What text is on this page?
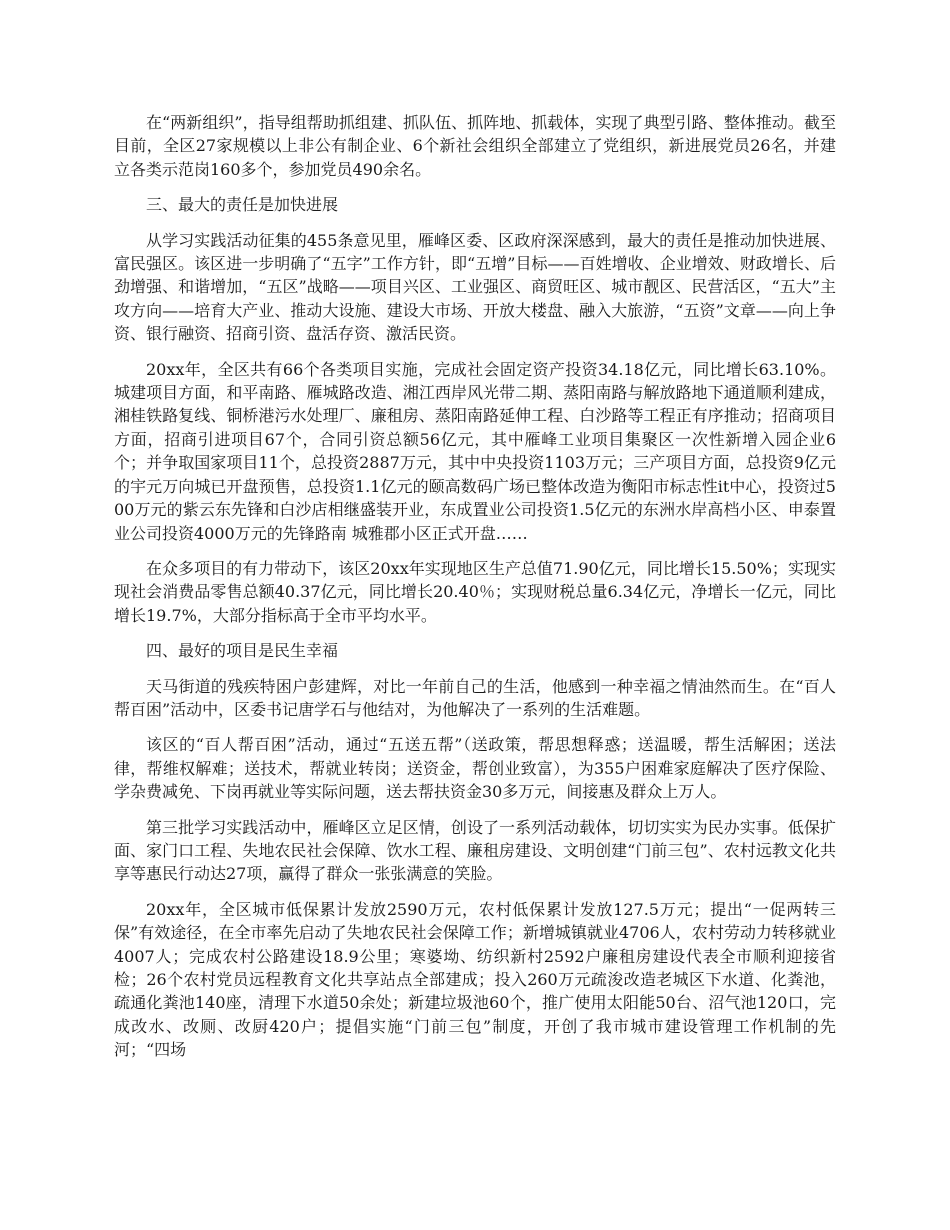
在“两新组织”，指导组帮助抓组建、抓队伍、抓阵地、抓载体，实现了典型引路、整体推动。截至目前，全区27家规模以上非公有制企业、6个新社会组织全部建立了党组织，新进展党员26名，并建立各类示范岗160多个，参加党员490余名。

三、最大的责任是加快进展

从学习实践活动征集的455条意见里，雁峰区委、区政府深深感到，最大的责任是推动加快进展、富民强区。该区进一步明确了“五字”工作方针，即“五增”目标——百姓增收、企业增效、财政增长、后劲增强、和谐增加，“五区”战略——项目兴区、工业强区、商贸旺区、城市靓区、民营活区，“五大”主攻方向——培育大产业、推动大设施、建设大市场、开放大楼盘、融入大旅游，“五资”文章——向上争资、银行融资、招商引资、盘活存资、激活民资。

20xx年，全区共有66个各类项目实施，完成社会固定资产投资34.18亿元，同比增长63.10%。城建项目方面，和平南路、雁城路改造、湘江西岸风光带二期、蒸阳南路与解放路地下通道顺利建成，湘桂铁路复线、铜桥港污水处理厂、廉租房、蒸阳南路延伸工程、白沙路等工程正有序推动；招商项目方面，招商引进项目67个，合同引资总额56亿元，其中雁峰工业项目集聚区一次性新增入园企业6个；并争取国家项目11个，总投资2887万元，其中中央投资1103万元；三产项目方面，总投资9亿元的宇元万向城已开盘预售，总投资1.1亿元的颐高数码广场已整体改造为衡阳市标志性it中心，投资过500万元的紫云东先锋和白沙店相继盛装开业，东成置业公司投资1.5亿元的东洲水岸高档小区、申泰置业公司投资4000万元的先锋路南 城雅郡小区正式开盘……

在众多项目的有力带动下，该区20xx年实现地区生产总值71.90亿元，同比增长15.50%；实现实现社会消费品零售总额40.37亿元，同比增长20.40％；实现财税总量6.34亿元，净增长一亿元，同比增长19.7%，大部分指标高于全市平均水平。

四、最好的项目是民生幸福

天马街道的残疾特困户彭建辉，对比一年前自己的生活，他感到一种幸福之情油然而生。在“百人帮百困”活动中，区委书记唐学石与他结对，为他解决了一系列的生活难题。

该区的“百人帮百困”活动，通过“五送五帮”（送政策，帮思想释惑；送温暖，帮生活解困；送法律，帮维权解难；送技术，帮就业转岗；送资金，帮创业致富），为355户困难家庭解决了医疗保险、学杂费减免、下岗再就业等实际问题，送去帮扶资金30多万元，间接惠及群众上万人。

第三批学习实践活动中，雁峰区立足区情，创设了一系列活动载体，切切实实为民办实事。低保扩面、家门口工程、失地农民社会保障、饮水工程、廉租房建设、文明创建“门前三包”、农村远教文化共享等惠民行动达27项，赢得了群众一张张满意的笑脸。

20xx年，全区城市低保累计发放2590万元，农村低保累计发放127.5万元；提出“一促两转三保”有效途径，在全市率先启动了失地农民社会保障工作；新增城镇就业4706人，农村劳动力转移就业4007人；完成农村公路建设18.9公里；寒婆坳、纺织新村2592户廉租房建设代表全市顺利迎接省检；26个农村党员远程教育文化共享站点全部建成；投入260万元疏浚改造老城区下水道、化粪池，疏通化粪池140座，清理下水道50余处；新建垃圾池60个，推广使用太阳能50台、沼气池120口，完成改水、改厕、改厨420户；提倡实施“门前三包”制度，开创了我市城市建设管理工作机制的先河；“四场
